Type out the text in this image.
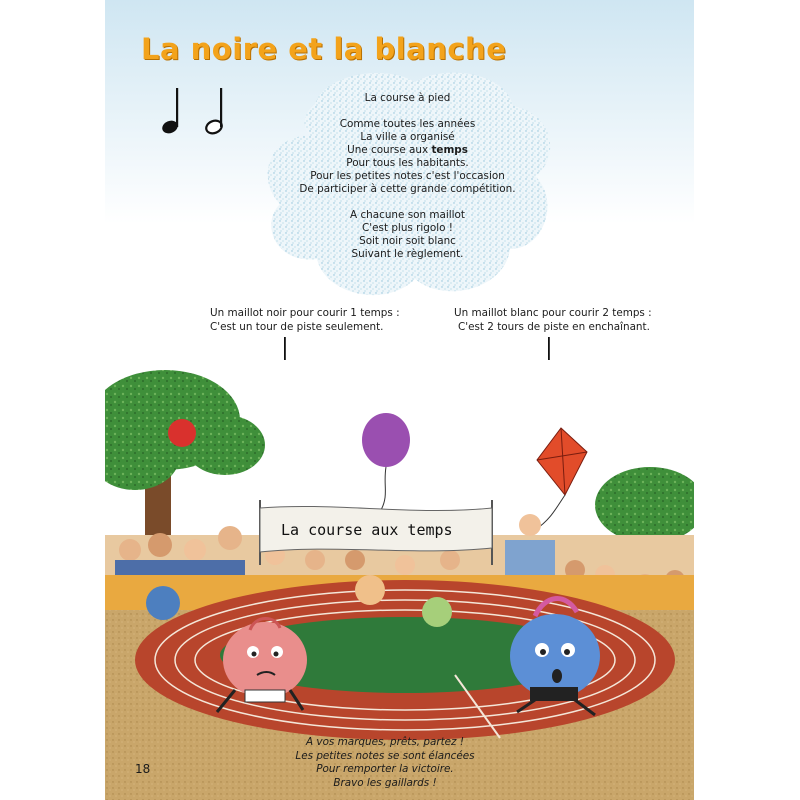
La noire et la blanche
La course à pied
Comme toutes les années
La ville a organisé
Une course aux temps
Pour tous les habitants.
Pour les petites notes c'est l'occasion
De participer à cette grande compétition.
A chacune son maillot
C'est plus rigolo !
Soit noir soit blanc
Suivant le règlement.
Un maillot noir pour courir 1 temps :
C'est un tour de piste seulement.
Un maillot blanc pour courir 2 temps :
C'est 2 tours de piste en enchaînant.
La course aux temps
A vos marques, prêts, partez !
Les petites notes se sont élancées
Pour remporter la victoire.
Bravo les gaillards !
18
